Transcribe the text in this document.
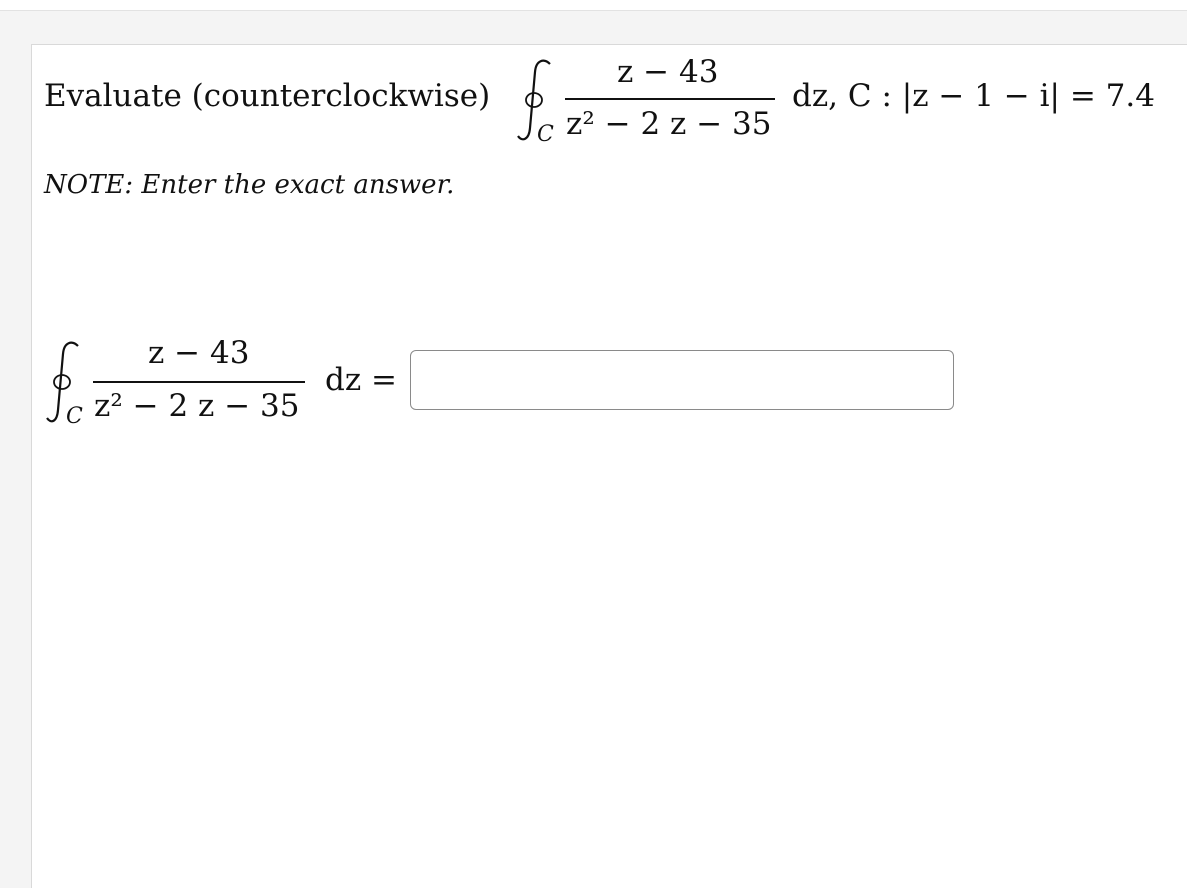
Evaluate (counterclockwise)
C
z − 43
z² − 2 z − 35
dz, C : |z − 1 − i| = 7.4
NOTE: Enter the exact answer.
C
z − 43
z² − 2 z − 35
dz =
